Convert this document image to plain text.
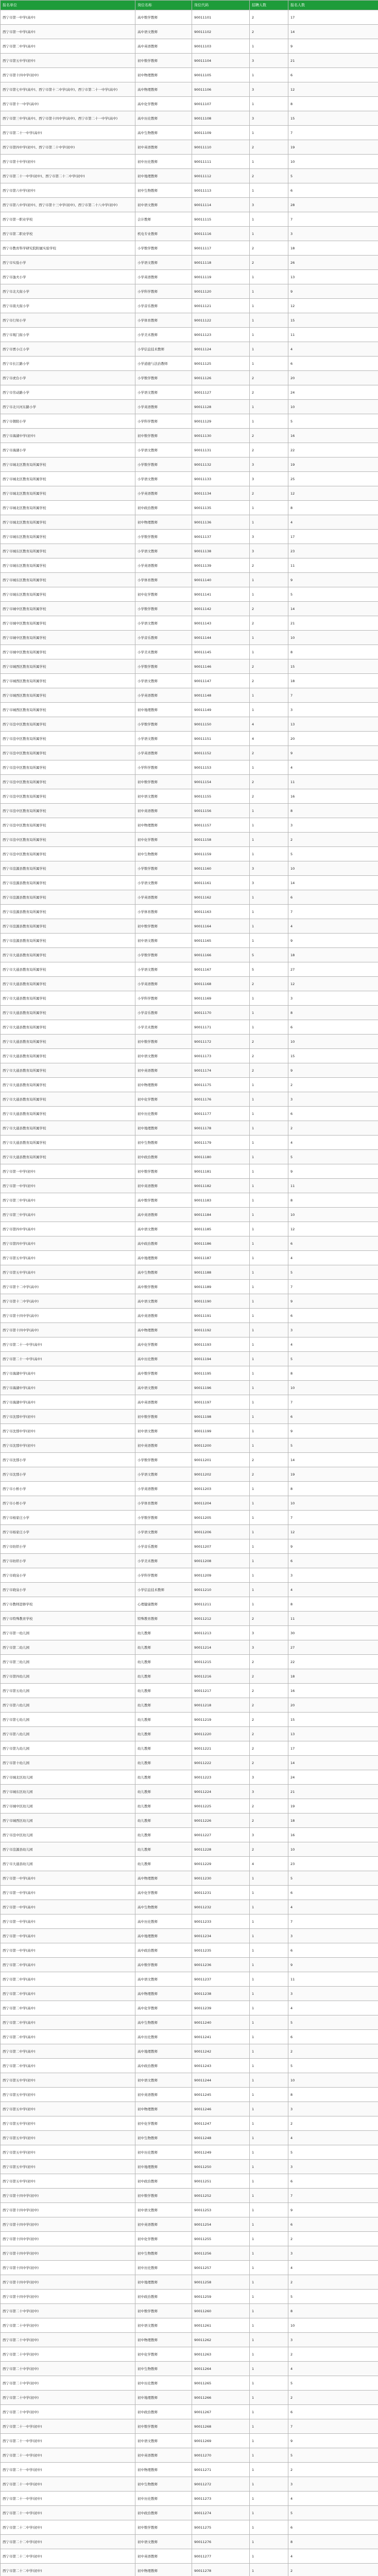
报名单位	岗位名称	岗位代码	招聘人数	报名人数
西宁市第一中学(高中)	高中数学教师	90011101	2	17
西宁市第一中学(高中)	高中语文教师	90011102	2	14
西宁市第二中学(高中)	高中英语教师	90011103	1	9
西宁市第五中学(初中)	初中数学教师	90011104	3	21
西宁市第十四中学(初中)	初中物理教师	90011105	1	6
西宁市第七中学(高中)、西宁市第十二中学(高中)、西宁市第二十一中学(高中)	高中物理教师	90011106	3	12
西宁市第十一中学(高中)	高中化学教师	90011107	1	8
西宁市第三中学(高中)、西宁市第十四中学(高中)、西宁市第二十一中学(高中)	高中历史教师	90011108	3	15
西宁市第二十一中学(高中)	高中生物教师	90011109	1	7
西宁市第四中学(初中)、西宁市第二十中学(初中)	初中英语教师	90011110	2	19
西宁市第十中学(初中)	初中历史教师	90011111	1	10
西宁市第二十一中学(初中)、西宁市第二十二中学(初中)	初中地理教师	90011112	2	5
西宁市第六中学(初中)	初中生物教师	90011113	1	6
西宁市第八中学(初中)、西宁市第十三中学(初中)、西宁市第二十八中学(初中)	初中语文教师	90011114	3	28
西宁市第一职业学校	会计教师	90011115	1	7
西宁市第二职业学校	机电专业教师	90011116	1	3
西宁市教育科学研究院附属实验学校	小学数学教师	90011117	2	18
西宁市实验小学	小学语文教师	90011118	2	26
西宁市逸夫小学	小学英语教师	90011119	1	13
西宁市北大街小学	小学科学教师	90011120	1	9
西宁市南大街小学	小学音乐教师	90011121	1	12
西宁市行知小学	小学体育教师	90011122	1	15
西宁市观门街小学	小学美术教师	90011123	1	11
西宁市贾小庄小学	小学信息技术教师	90011124	1	4
西宁市长江路小学	小学道德与法治教师	90011125	1	6
西宁市虎台小学	小学数学教师	90011126	2	20
西宁市劳动路小学	小学语文教师	90011127	2	24
西宁市北川河东路小学	小学英语教师	90011128	1	10
西宁市朝阳小学	小学科学教师	90011129	1	5
西宁市海湖中学(初中)	初中数学教师	90011130	2	16
西宁市海湖小学	小学语文教师	90011131	2	22
西宁市城北区教育局所属学校	小学数学教师	90011132	3	19
西宁市城北区教育局所属学校	小学语文教师	90011133	3	25
西宁市城北区教育局所属学校	小学英语教师	90011134	2	12
西宁市城北区教育局所属学校	初中政治教师	90011135	1	8
西宁市城北区教育局所属学校	初中物理教师	90011136	1	4
西宁市城东区教育局所属学校	小学数学教师	90011137	3	17
西宁市城东区教育局所属学校	小学语文教师	90011138	3	23
西宁市城东区教育局所属学校	小学英语教师	90011139	2	11
西宁市城东区教育局所属学校	小学体育教师	90011140	1	9
西宁市城东区教育局所属学校	初中化学教师	90011141	1	5
西宁市城中区教育局所属学校	小学数学教师	90011142	2	14
西宁市城中区教育局所属学校	小学语文教师	90011143	2	21
西宁市城中区教育局所属学校	小学音乐教师	90011144	1	10
西宁市城中区教育局所属学校	小学美术教师	90011145	1	8
西宁市城西区教育局所属学校	小学数学教师	90011146	2	15
西宁市城西区教育局所属学校	小学语文教师	90011147	2	18
西宁市城西区教育局所属学校	小学英语教师	90011148	1	7
西宁市城西区教育局所属学校	初中地理教师	90011149	1	3
西宁市湟中区教育局所属学校	小学数学教师	90011150	4	13
西宁市湟中区教育局所属学校	小学语文教师	90011151	4	20
西宁市湟中区教育局所属学校	小学英语教师	90011152	2	9
西宁市湟中区教育局所属学校	小学科学教师	90011153	1	4
西宁市湟中区教育局所属学校	初中数学教师	90011154	2	11
西宁市湟中区教育局所属学校	初中语文教师	90011155	2	16
西宁市湟中区教育局所属学校	初中英语教师	90011156	1	8
西宁市湟中区教育局所属学校	初中物理教师	90011157	1	3
西宁市湟中区教育局所属学校	初中化学教师	90011158	1	2
西宁市湟中区教育局所属学校	初中生物教师	90011159	1	5
西宁市湟源县教育局所属学校	小学数学教师	90011160	3	10
西宁市湟源县教育局所属学校	小学语文教师	90011161	3	14
西宁市湟源县教育局所属学校	小学英语教师	90011162	1	6
西宁市湟源县教育局所属学校	小学体育教师	90011163	1	7
西宁市湟源县教育局所属学校	初中数学教师	90011164	1	4
西宁市湟源县教育局所属学校	初中语文教师	90011165	1	9
西宁市大通县教育局所属学校	小学数学教师	90011166	5	18
西宁市大通县教育局所属学校	小学语文教师	90011167	5	27
西宁市大通县教育局所属学校	小学英语教师	90011168	2	12
西宁市大通县教育局所属学校	小学科学教师	90011169	1	3
西宁市大通县教育局所属学校	小学音乐教师	90011170	1	8
西宁市大通县教育局所属学校	小学美术教师	90011171	1	6
西宁市大通县教育局所属学校	初中数学教师	90011172	2	10
西宁市大通县教育局所属学校	初中语文教师	90011173	2	15
西宁市大通县教育局所属学校	初中英语教师	90011174	2	9
西宁市大通县教育局所属学校	初中物理教师	90011175	1	2
西宁市大通县教育局所属学校	初中化学教师	90011176	1	3
西宁市大通县教育局所属学校	初中历史教师	90011177	1	6
西宁市大通县教育局所属学校	初中地理教师	90011178	1	2
西宁市大通县教育局所属学校	初中生物教师	90011179	1	4
西宁市大通县教育局所属学校	初中政治教师	90011180	1	5
西宁市第一中学(初中)	初中数学教师	90011181	1	9
西宁市第一中学(初中)	初中英语教师	90011182	1	11
西宁市第三中学(高中)	高中数学教师	90011183	1	8
西宁市第三中学(高中)	高中英语教师	90011184	1	10
西宁市第四中学(高中)	高中语文教师	90011185	1	12
西宁市第四中学(高中)	高中政治教师	90011186	1	6
西宁市第五中学(高中)	高中地理教师	90011187	1	4
西宁市第五中学(高中)	高中生物教师	90011188	1	5
西宁市第十二中学(高中)	高中数学教师	90011189	1	7
西宁市第十二中学(高中)	高中语文教师	90011190	1	9
西宁市第十四中学(高中)	高中英语教师	90011191	1	6
西宁市第十四中学(高中)	高中物理教师	90011192	1	3
西宁市第二十一中学(高中)	高中化学教师	90011193	1	4
西宁市第二十一中学(高中)	高中历史教师	90011194	1	5
西宁市海湖中学(高中)	高中数学教师	90011195	1	8
西宁市海湖中学(高中)	高中语文教师	90011196	1	10
西宁市海湖中学(高中)	高中英语教师	90011197	1	7
西宁市沈那中学(初中)	初中数学教师	90011198	1	6
西宁市沈那中学(初中)	初中语文教师	90011199	1	9
西宁市沈那中学(初中)	初中英语教师	90011200	1	5
西宁市沈那小学	小学数学教师	90011201	2	14
西宁市沈那小学	小学语文教师	90011202	2	19
西宁市小桥小学	小学英语教师	90011203	1	8
西宁市小桥小学	小学体育教师	90011204	1	10
西宁市杨家庄小学	小学数学教师	90011205	1	7
西宁市杨家庄小学	小学语文教师	90011206	1	12
西宁市纺织小学	小学音乐教师	90011207	1	9
西宁市纺织小学	小学美术教师	90011208	1	6
西宁市晓泉小学	小学科学教师	90011209	1	3
西宁市晓泉小学	小学信息技术教师	90011210	1	4
西宁市教师进修学校	心理健康教师	90011211	1	8
西宁市特殊教育学校	特殊教育教师	90011212	2	11
西宁市第一幼儿园	幼儿教师	90011213	3	30
西宁市第二幼儿园	幼儿教师	90011214	3	27
西宁市第三幼儿园	幼儿教师	90011215	2	22
西宁市第四幼儿园	幼儿教师	90011216	2	18
西宁市第五幼儿园	幼儿教师	90011217	2	16
西宁市第六幼儿园	幼儿教师	90011218	2	20
西宁市第七幼儿园	幼儿教师	90011219	2	15
西宁市第八幼儿园	幼儿教师	90011220	2	13
西宁市第九幼儿园	幼儿教师	90011221	2	17
西宁市第十幼儿园	幼儿教师	90011222	2	14
西宁市城北区幼儿园	幼儿教师	90011223	3	24
西宁市城东区幼儿园	幼儿教师	90011224	3	21
西宁市城中区幼儿园	幼儿教师	90011225	2	19
西宁市城西区幼儿园	幼儿教师	90011226	2	18
西宁市湟中区幼儿园	幼儿教师	90011227	3	16
西宁市湟源县幼儿园	幼儿教师	90011228	2	10
西宁市大通县幼儿园	幼儿教师	90011229	4	23
西宁市第一中学(高中)	高中物理教师	90011230	1	5
西宁市第一中学(高中)	高中化学教师	90011231	1	6
西宁市第一中学(高中)	高中生物教师	90011232	1	4
西宁市第一中学(高中)	高中历史教师	90011233	1	7
西宁市第一中学(高中)	高中地理教师	90011234	1	3
西宁市第一中学(高中)	高中政治教师	90011235	1	6
西宁市第二中学(高中)	高中数学教师	90011236	1	9
西宁市第二中学(高中)	高中语文教师	90011237	1	11
西宁市第二中学(高中)	高中物理教师	90011238	1	3
西宁市第二中学(高中)	高中化学教师	90011239	1	4
西宁市第二中学(高中)	高中生物教师	90011240	1	5
西宁市第二中学(高中)	高中历史教师	90011241	1	6
西宁市第二中学(高中)	高中地理教师	90011242	1	2
西宁市第二中学(高中)	高中政治教师	90011243	1	5
西宁市第五中学(初中)	初中语文教师	90011244	1	10
西宁市第五中学(初中)	初中英语教师	90011245	1	8
西宁市第五中学(初中)	初中物理教师	90011246	1	3
西宁市第五中学(初中)	初中化学教师	90011247	1	2
西宁市第五中学(初中)	初中生物教师	90011248	1	4
西宁市第五中学(初中)	初中历史教师	90011249	1	5
西宁市第五中学(初中)	初中地理教师	90011250	1	3
西宁市第五中学(初中)	初中政治教师	90011251	1	6
西宁市第十四中学(初中)	初中数学教师	90011252	1	7
西宁市第十四中学(初中)	初中语文教师	90011253	1	9
西宁市第十四中学(初中)	初中英语教师	90011254	1	6
西宁市第十四中学(初中)	初中化学教师	90011255	1	2
西宁市第十四中学(初中)	初中生物教师	90011256	1	3
西宁市第十四中学(初中)	初中历史教师	90011257	1	4
西宁市第十四中学(初中)	初中地理教师	90011258	1	2
西宁市第十四中学(初中)	初中政治教师	90011259	1	5
西宁市第二十中学(初中)	初中数学教师	90011260	1	8
西宁市第二十中学(初中)	初中语文教师	90011261	1	10
西宁市第二十中学(初中)	初中物理教师	90011262	1	3
西宁市第二十中学(初中)	初中化学教师	90011263	1	2
西宁市第二十中学(初中)	初中生物教师	90011264	1	4
西宁市第二十中学(初中)	初中历史教师	90011265	1	5
西宁市第二十中学(初中)	初中地理教师	90011266	1	2
西宁市第二十中学(初中)	初中政治教师	90011267	1	6
西宁市第二十一中学(初中)	初中数学教师	90011268	1	7
西宁市第二十一中学(初中)	初中语文教师	90011269	1	9
西宁市第二十一中学(初中)	初中英语教师	90011270	1	5
西宁市第二十一中学(初中)	初中物理教师	90011271	1	2
西宁市第二十一中学(初中)	初中生物教师	90011272	1	3
西宁市第二十一中学(初中)	初中历史教师	90011273	1	4
西宁市第二十一中学(初中)	初中政治教师	90011274	1	5
西宁市第二十二中学(初中)	初中数学教师	90011275	1	6
西宁市第二十二中学(初中)	初中语文教师	90011276	1	8
西宁市第二十二中学(初中)	初中英语教师	90011277	1	4
西宁市第二十二中学(初中)	初中物理教师	90011278	1	2
